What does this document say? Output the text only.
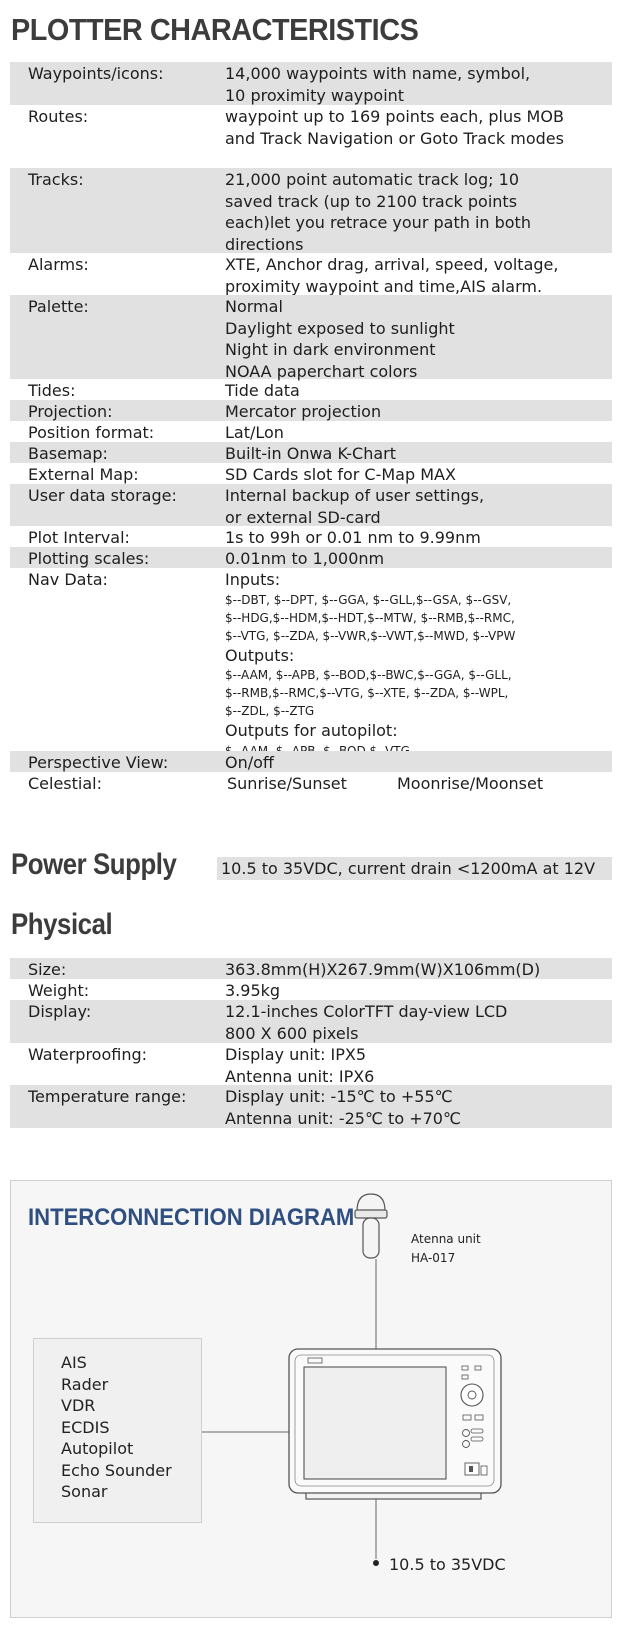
PLOTTER CHARACTERISTICS
Waypoints/icons:	14,000 waypoints with name, symbol,
10 proximity waypoint
Routes:	waypoint up to 169 points each, plus MOB
and Track Navigation or Goto Track modes
Tracks:	21,000 point automatic track log; 10
saved track (up to 2100 track points
each)let you retrace your path in both
directions
Alarms:	XTE, Anchor drag, arrival, speed, voltage,
proximity waypoint and time,AIS alarm.
Palette:	Normal
Daylight exposed to sunlight
Night in dark environment
NOAA paperchart colors
Tides:	Tide data
Projection:	Mercator projection
Position format:	Lat/Lon
Basemap:	Built-in Onwa K-Chart
External Map:	SD Cards slot for C-Map MAX
User data storage:	Internal backup of user settings,
or external SD-card
Plot Interval:	1s to 99h or 0.01 nm to 9.99nm
Plotting scales:	0.01nm to 1,000nm
Nav Data:	Inputs:
$--DBT, $--DPT, $--GGA, $--GLL,$--GSA, $--GSV,
$--HDG,$--HDM,$--HDT,$--MTW, $--RMB,$--RMC,
$--VTG, $--ZDA, $--VWR,$--VWT,$--MWD, $--VPW
Outputs:
$--AAM, $--APB, $--BOD,$--BWC,$--GGA, $--GLL,
$--RMB,$--RMC,$--VTG, $--XTE, $--ZDA, $--WPL,
$--ZDL, $--ZTG
Outputs for autopilot:
Perspective View:	On/off
Celestial:	Sunrise/Sunset	Moonrise/Moonset
Power Supply	10.5 to 35VDC, current drain <1200mA at 12V
Physical
Size:	363.8mm(H)X267.9mm(W)X106mm(D)
Weight:	3.95kg
Display:	12.1-inches ColorTFT day-view LCD
800 X 600 pixels
Waterproofing:	Display unit: IPX5
Antenna unit: IPX6
Temperature range: Display unit: -15℃ to +55℃
Antenna unit: -25℃ to +70℃
INTERCONNECTION DIAGRAM
Atenna unit
HA-017
AIS
Rader
VDR
ECDIS
Autopilot
Echo Sounder
Sonar
10.5 to 35VDC
